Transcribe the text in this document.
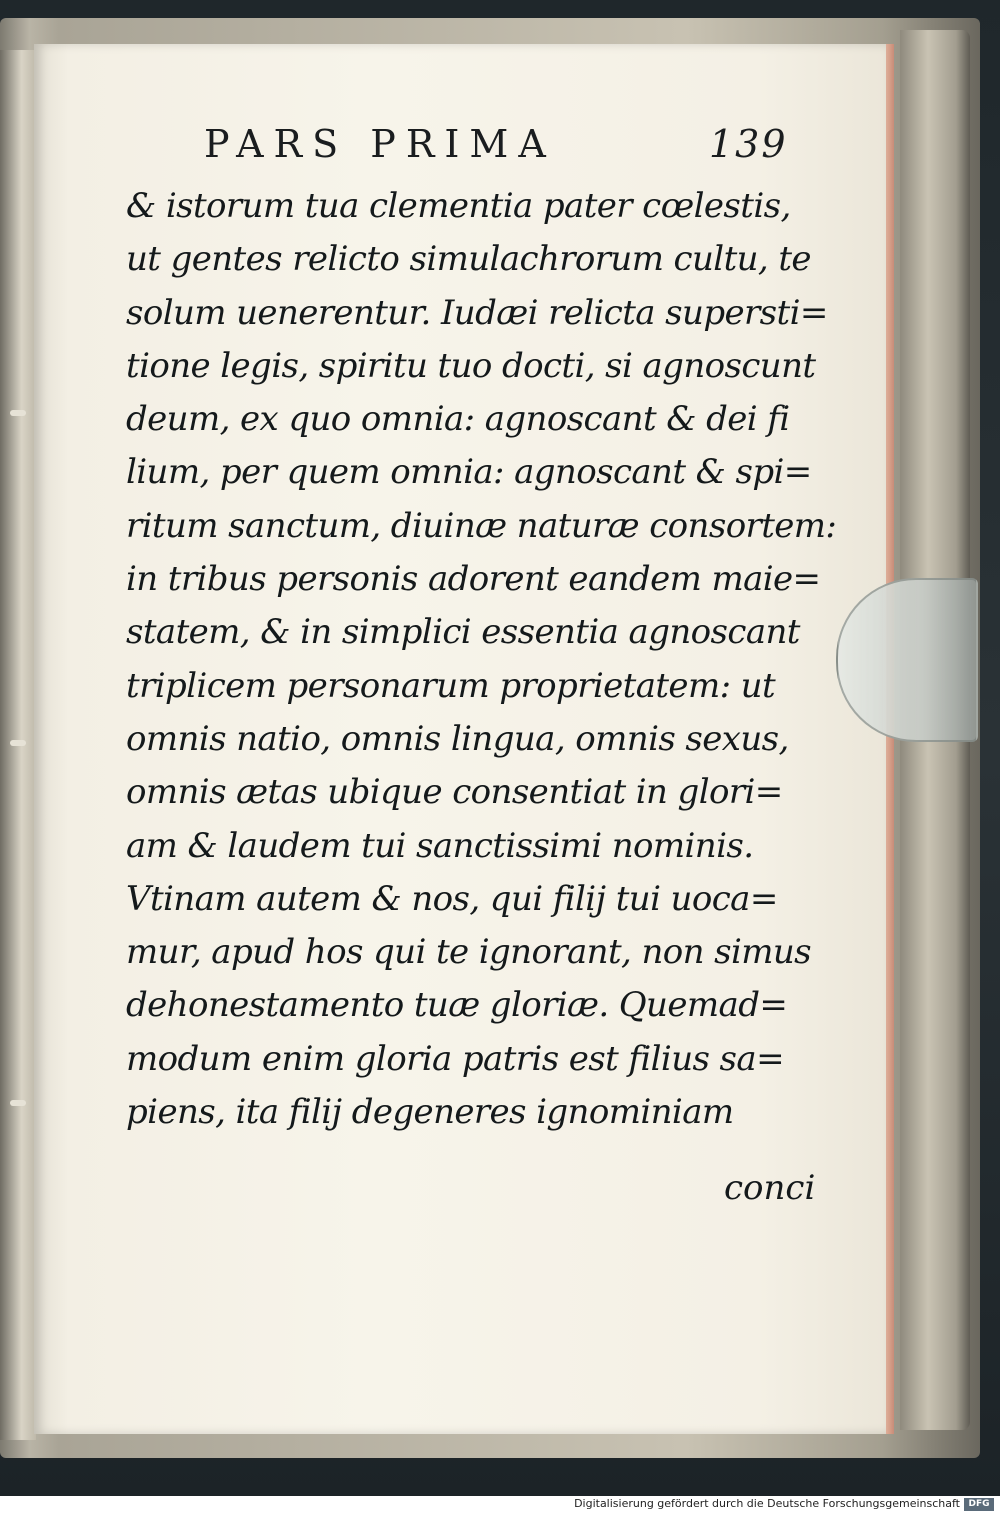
PARS PRIMA	139
& istorum tua clementia pater cœlestis,
ut gentes relicto simulachrorum cultu, te
solum uenerentur. Iudæi relicta supersti=
tione legis, spiritu tuo docti, si agnoscunt
deum, ex quo omnia: agnoscant & dei fi
lium, per quem omnia: agnoscant & spi=
ritum sanctum, diuinæ naturæ consortem:
in tribus personis adorent eandem maie=
statem, & in simplici essentia agnoscant
triplicem personarum proprietatem: ut
omnis natio, omnis lingua, omnis sexus,
omnis ætas ubique consentiat in glori=
am & laudem tui sanctissimi nominis.
Vtinam autem & nos, qui filij tui uoca=
mur, apud hos qui te ignorant, non simus
dehonestamento tuæ gloriæ. Quemad=
modum enim gloria patris est filius sa=
piens, ita filij degeneres ignominiam
conci
Digitalisierung gefördert durch die Deutsche Forschungsgemeinschaft DFG
